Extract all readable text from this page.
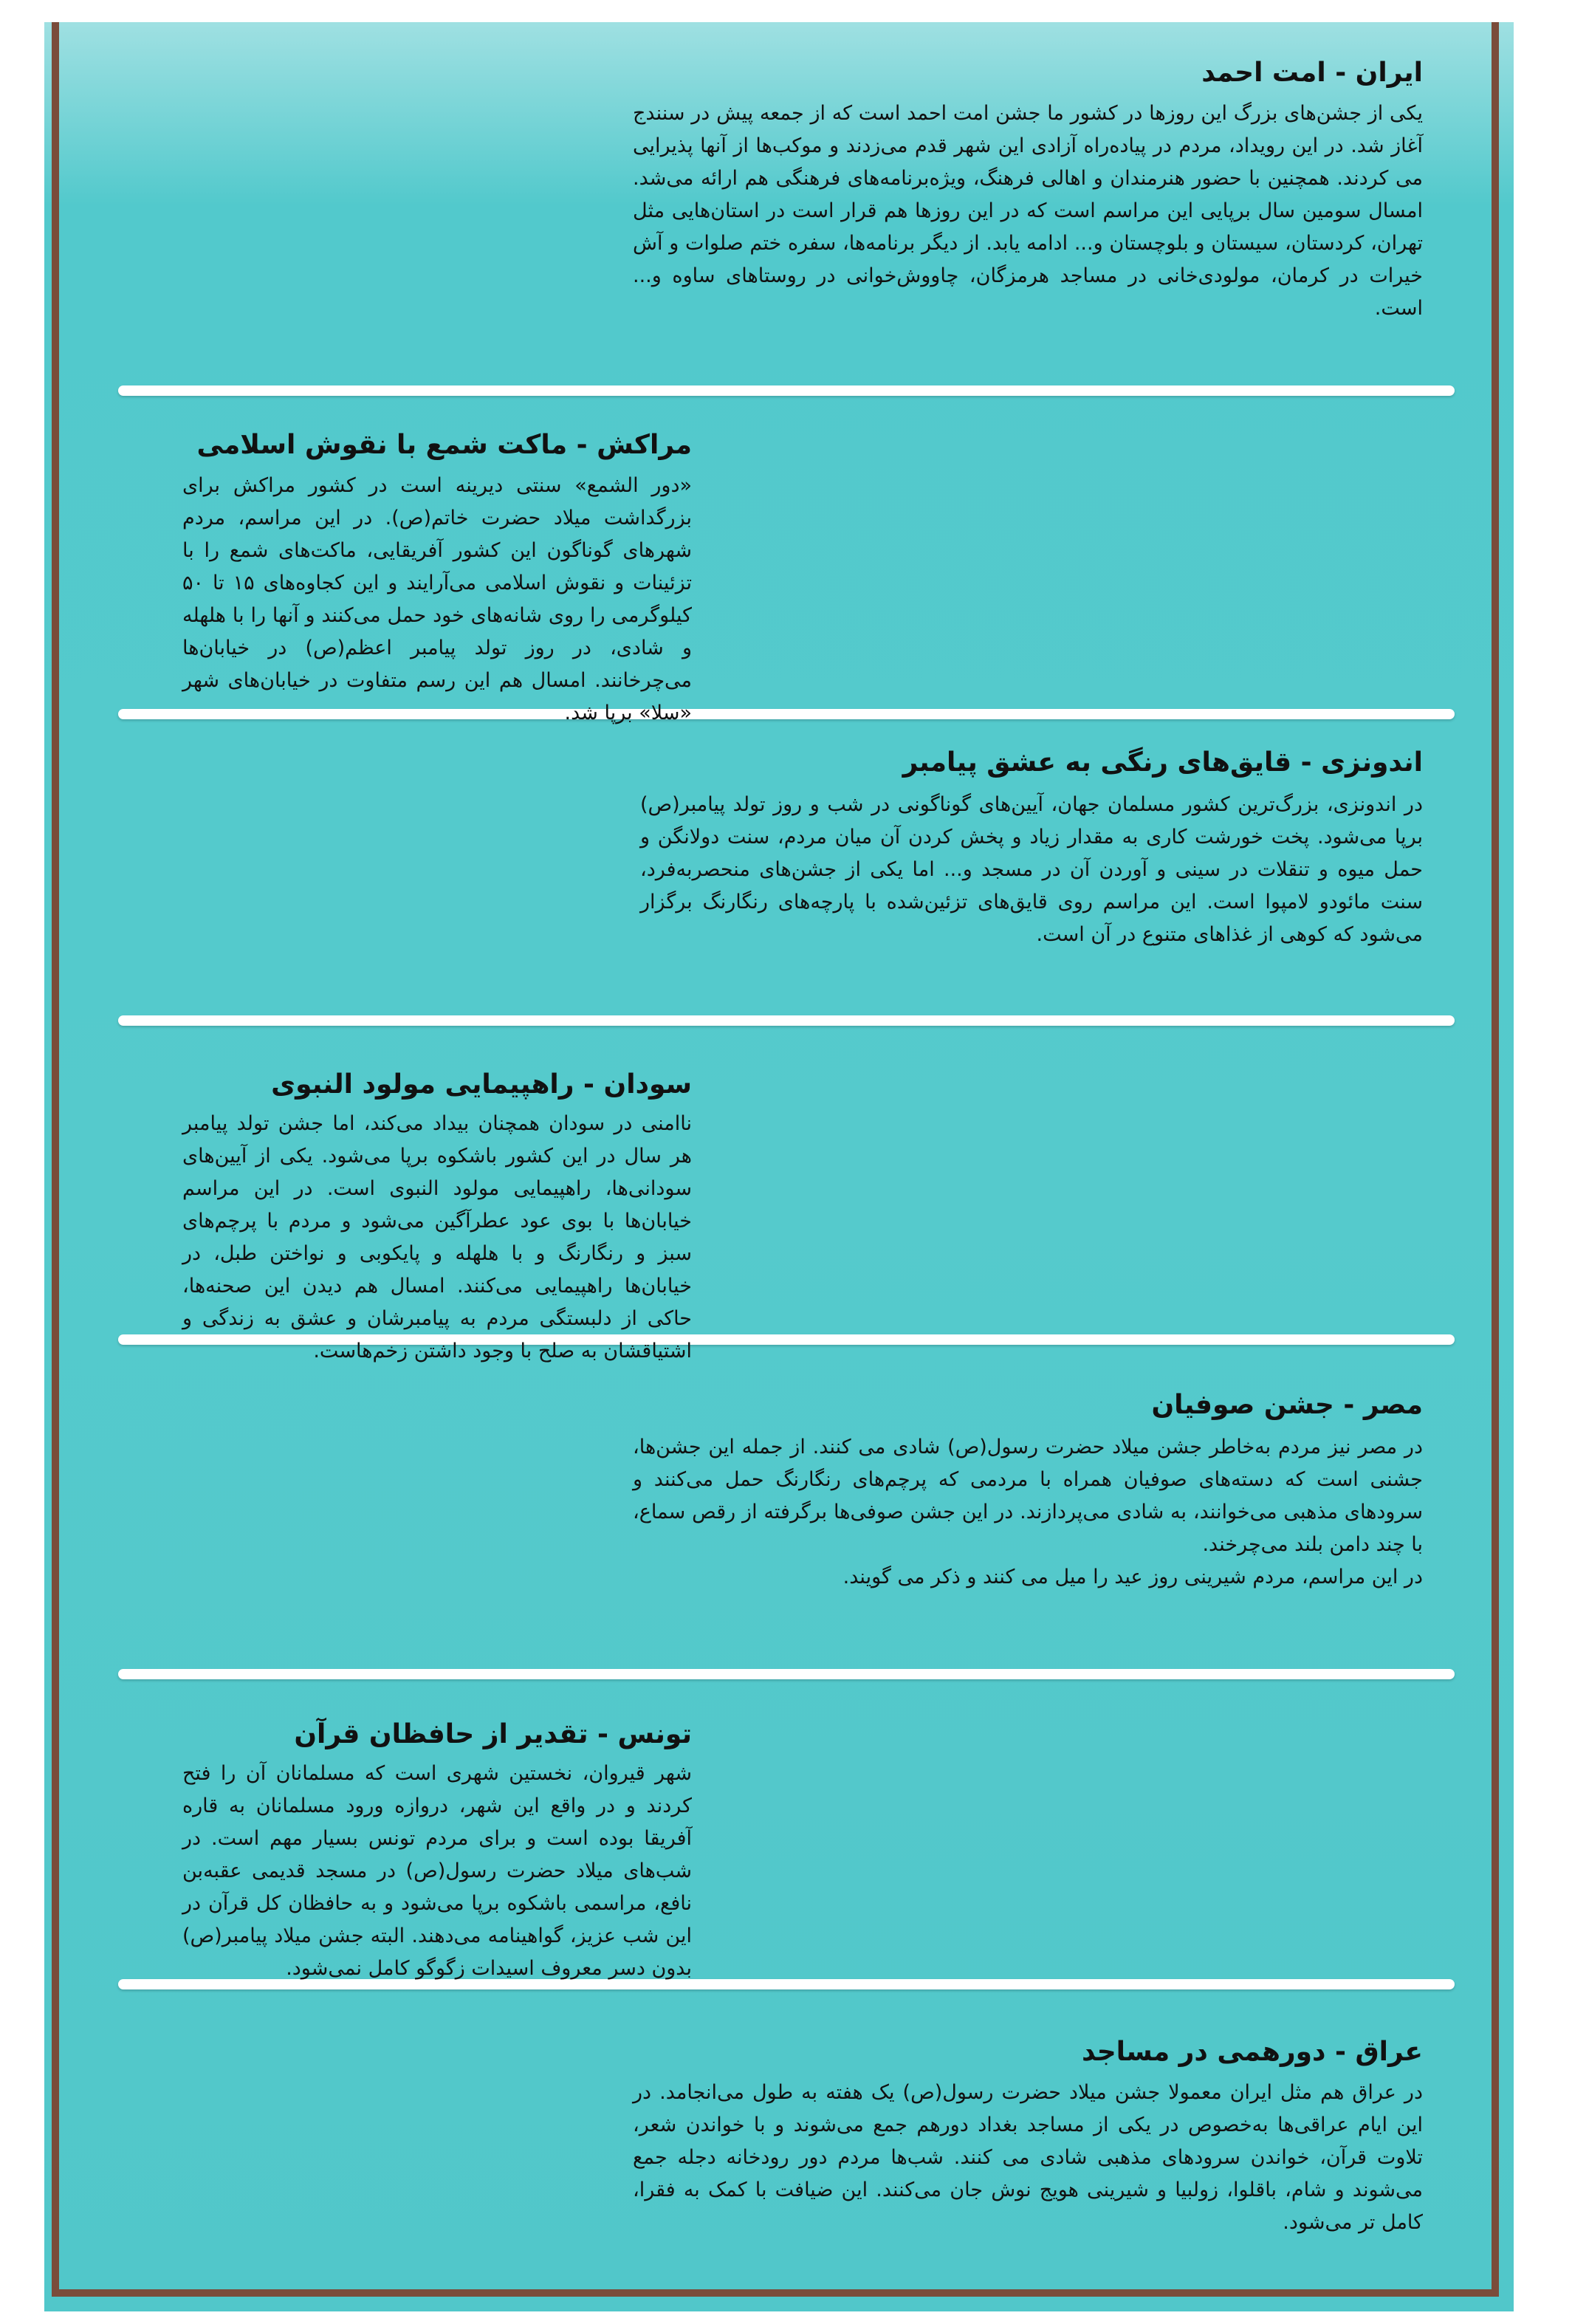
ایران - امت احمد

یکی از جشن‌های بزرگ این روزها در کشور ما جشن امت احمد است که از جمعه پیش در سنندج آغاز شد. در این رویداد، مردم در پیاده‌راه آزادی این شهر قدم می‌زدند و موکب‌ها از آنها پذیرایی می کردند. همچنین با حضور هنرمندان و اهالی فرهنگ، ویژه‌برنامه‌های فرهنگی هم ارائه می‌شد. امسال سومین سال برپایی این مراسم است که در این روزها هم قرار است در استان‌هایی مثل تهران، کردستان، سیستان و بلوچستان و... ادامه یابد. از دیگر برنامه‌ها، سفره ختم صلوات و آش خیرات در کرمان، مولودی‌خانی در مساجد هرمزگان، چاووش‌خوانی در روستاهای ساوه و... است.

مراکش - ماکت شمع با نقوش اسلامی

«دور الشمع» سنتی دیرینه است در کشور مراکش برای بزرگداشت میلاد حضرت خاتم(ص). در این مراسم، مردم شهرهای گوناگون این کشور آفریقایی، ماکت‌های شمع را با تزئینات و نقوش اسلامی می‌آرایند و این کجاوه‌های ۱۵ تا ۵۰ کیلوگرمی را روی شانه‌های خود حمل می‌کنند و آنها را با هلهله و شادی، در روز تولد پیامبر اعظم(ص) در خیابان‌ها می‌چرخانند. امسال هم این رسم متفاوت در خیابان‌های شهر «سلا» برپا شد.

اندونزی - قایق‌های رنگی به عشق پیامبر

در اندونزی، بزرگ‌ترین کشور مسلمان جهان، آیین‌های گوناگونی در شب و روز تولد پیامبر(ص) برپا می‌شود. پخت خورشت کاری به مقدار زیاد و پخش کردن آن میان مردم، سنت دولانگن و حمل میوه و تنقلات در سینی و آوردن آن در مسجد و... اما یکی از جشن‌های منحصربه‌فرد، سنت مائودو لامپوا است. این مراسم روی قایق‌های تزئین‌شده با پارچه‌های رنگارنگ برگزار می‌شود که کوهی از غذاهای متنوع در آن است.

سودان - راهپیمایی مولود النبوی

ناامنی در سودان همچنان بیداد می‌کند، اما جشن تولد پیامبر هر سال در این کشور باشکوه برپا می‌شود. یکی از آیین‌های سودانی‌ها، راهپیمایی مولود النبوی است. در این مراسم خیابان‌ها با بوی عود عطرآگین می‌شود و مردم با پرچم‌های سبز و رنگارنگ و با هلهله و پایکوبی و نواختن طبل، در خیابان‌ها راهپیمایی می‌کنند. امسال هم دیدن این صحنه‌ها، حاکی از دلبستگی مردم به پیامبرشان و عشق به زندگی و اشتیاقشان به صلح با وجود داشتن زخم‌هاست.

مصر - جشن صوفیان

در مصر نیز مردم به‌خاطر جشن میلاد حضرت رسول(ص) شادی می کنند. از جمله این جشن‌ها، جشنی است که دسته‌های صوفیان همراه با مردمی که پرچم‌های رنگارنگ حمل می‌کنند و سرودهای مذهبی می‌خوانند، به شادی می‌پردازند. در این جشن صوفی‌ها برگرفته از رقص سماع، با چند دامن بلند می‌چرخند.
در این مراسم، مردم شیرینی روز عید را میل می کنند و ذکر می گویند.

تونس - تقدیر از حافظان قرآن

شهر قیروان، نخستین شهری است که مسلمانان آن را فتح کردند و در واقع این شهر، دروازه ورود مسلمانان به قاره آفریقا بوده است و برای مردم تونس بسیار مهم است. در شب‌های میلاد حضرت رسول(ص) در مسجد قدیمی عقبه‌بن نافع، مراسمی باشکوه برپا می‌شود و به حافظان کل قرآن در این شب عزیز، گواهینامه می‌دهند. البته جشن میلاد پیامبر(ص) بدون دسر معروف اسیدات زگوگو کامل نمی‌شود.

عراق - دورهمی در مساجد

در عراق هم مثل ایران معمولا جشن میلاد حضرت رسول(ص) یک هفته به طول می‌انجامد. در این ایام عراقی‌ها به‌خصوص در یکی از مساجد بغداد دورهم جمع می‌شوند و با خواندن شعر، تلاوت قرآن، خواندن سرودهای مذهبی شادی می کنند. شب‌ها مردم دور رودخانه دجله جمع می‌شوند و شام، باقلوا، زولبیا و شیرینی هویج نوش جان می‌کنند. این ضیافت با کمک به فقرا، کامل تر می‌شود.
